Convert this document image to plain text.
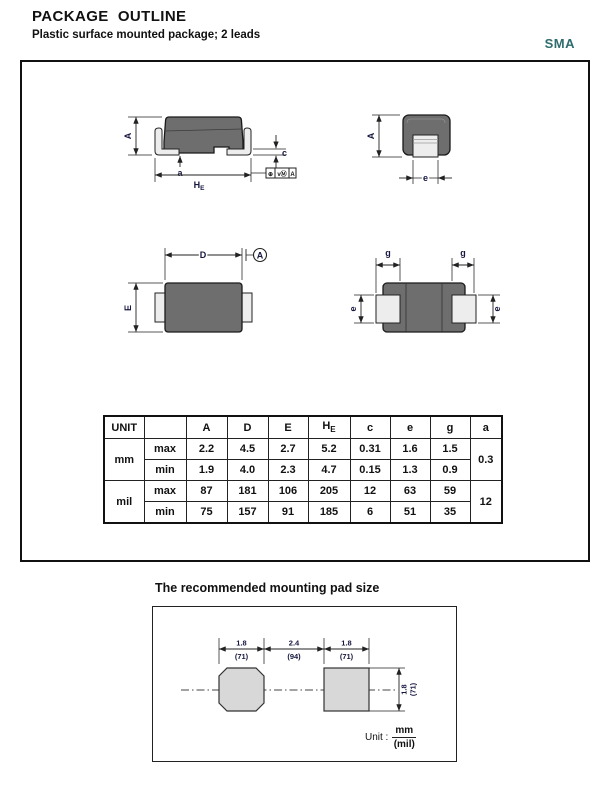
PACKAGE  OUTLINE
Plastic surface mounted package; 2 leads
SMA
A
a
$H_E$
c
⊕ vⓂ A
A
e
D	A
E
g	g
e	e
UNIT		A	D	E	$H_E$	c	e	g	a
mm	max	2.2	4.5	2.7	5.2	0.31	1.6	1.5	0.3
	min	1.9	4.0	2.3	4.7	0.15	1.3	0.9	
mil	max	87	181	106	205	12	63	59	12
	min	75	157	91	185	6	51	35	
The recommended mounting pad size
1.8
(71)
2.4
(94)
1.8
(71)
1.8 (71)
Unit : $\frac{mm}{\text{(mil)}}$
